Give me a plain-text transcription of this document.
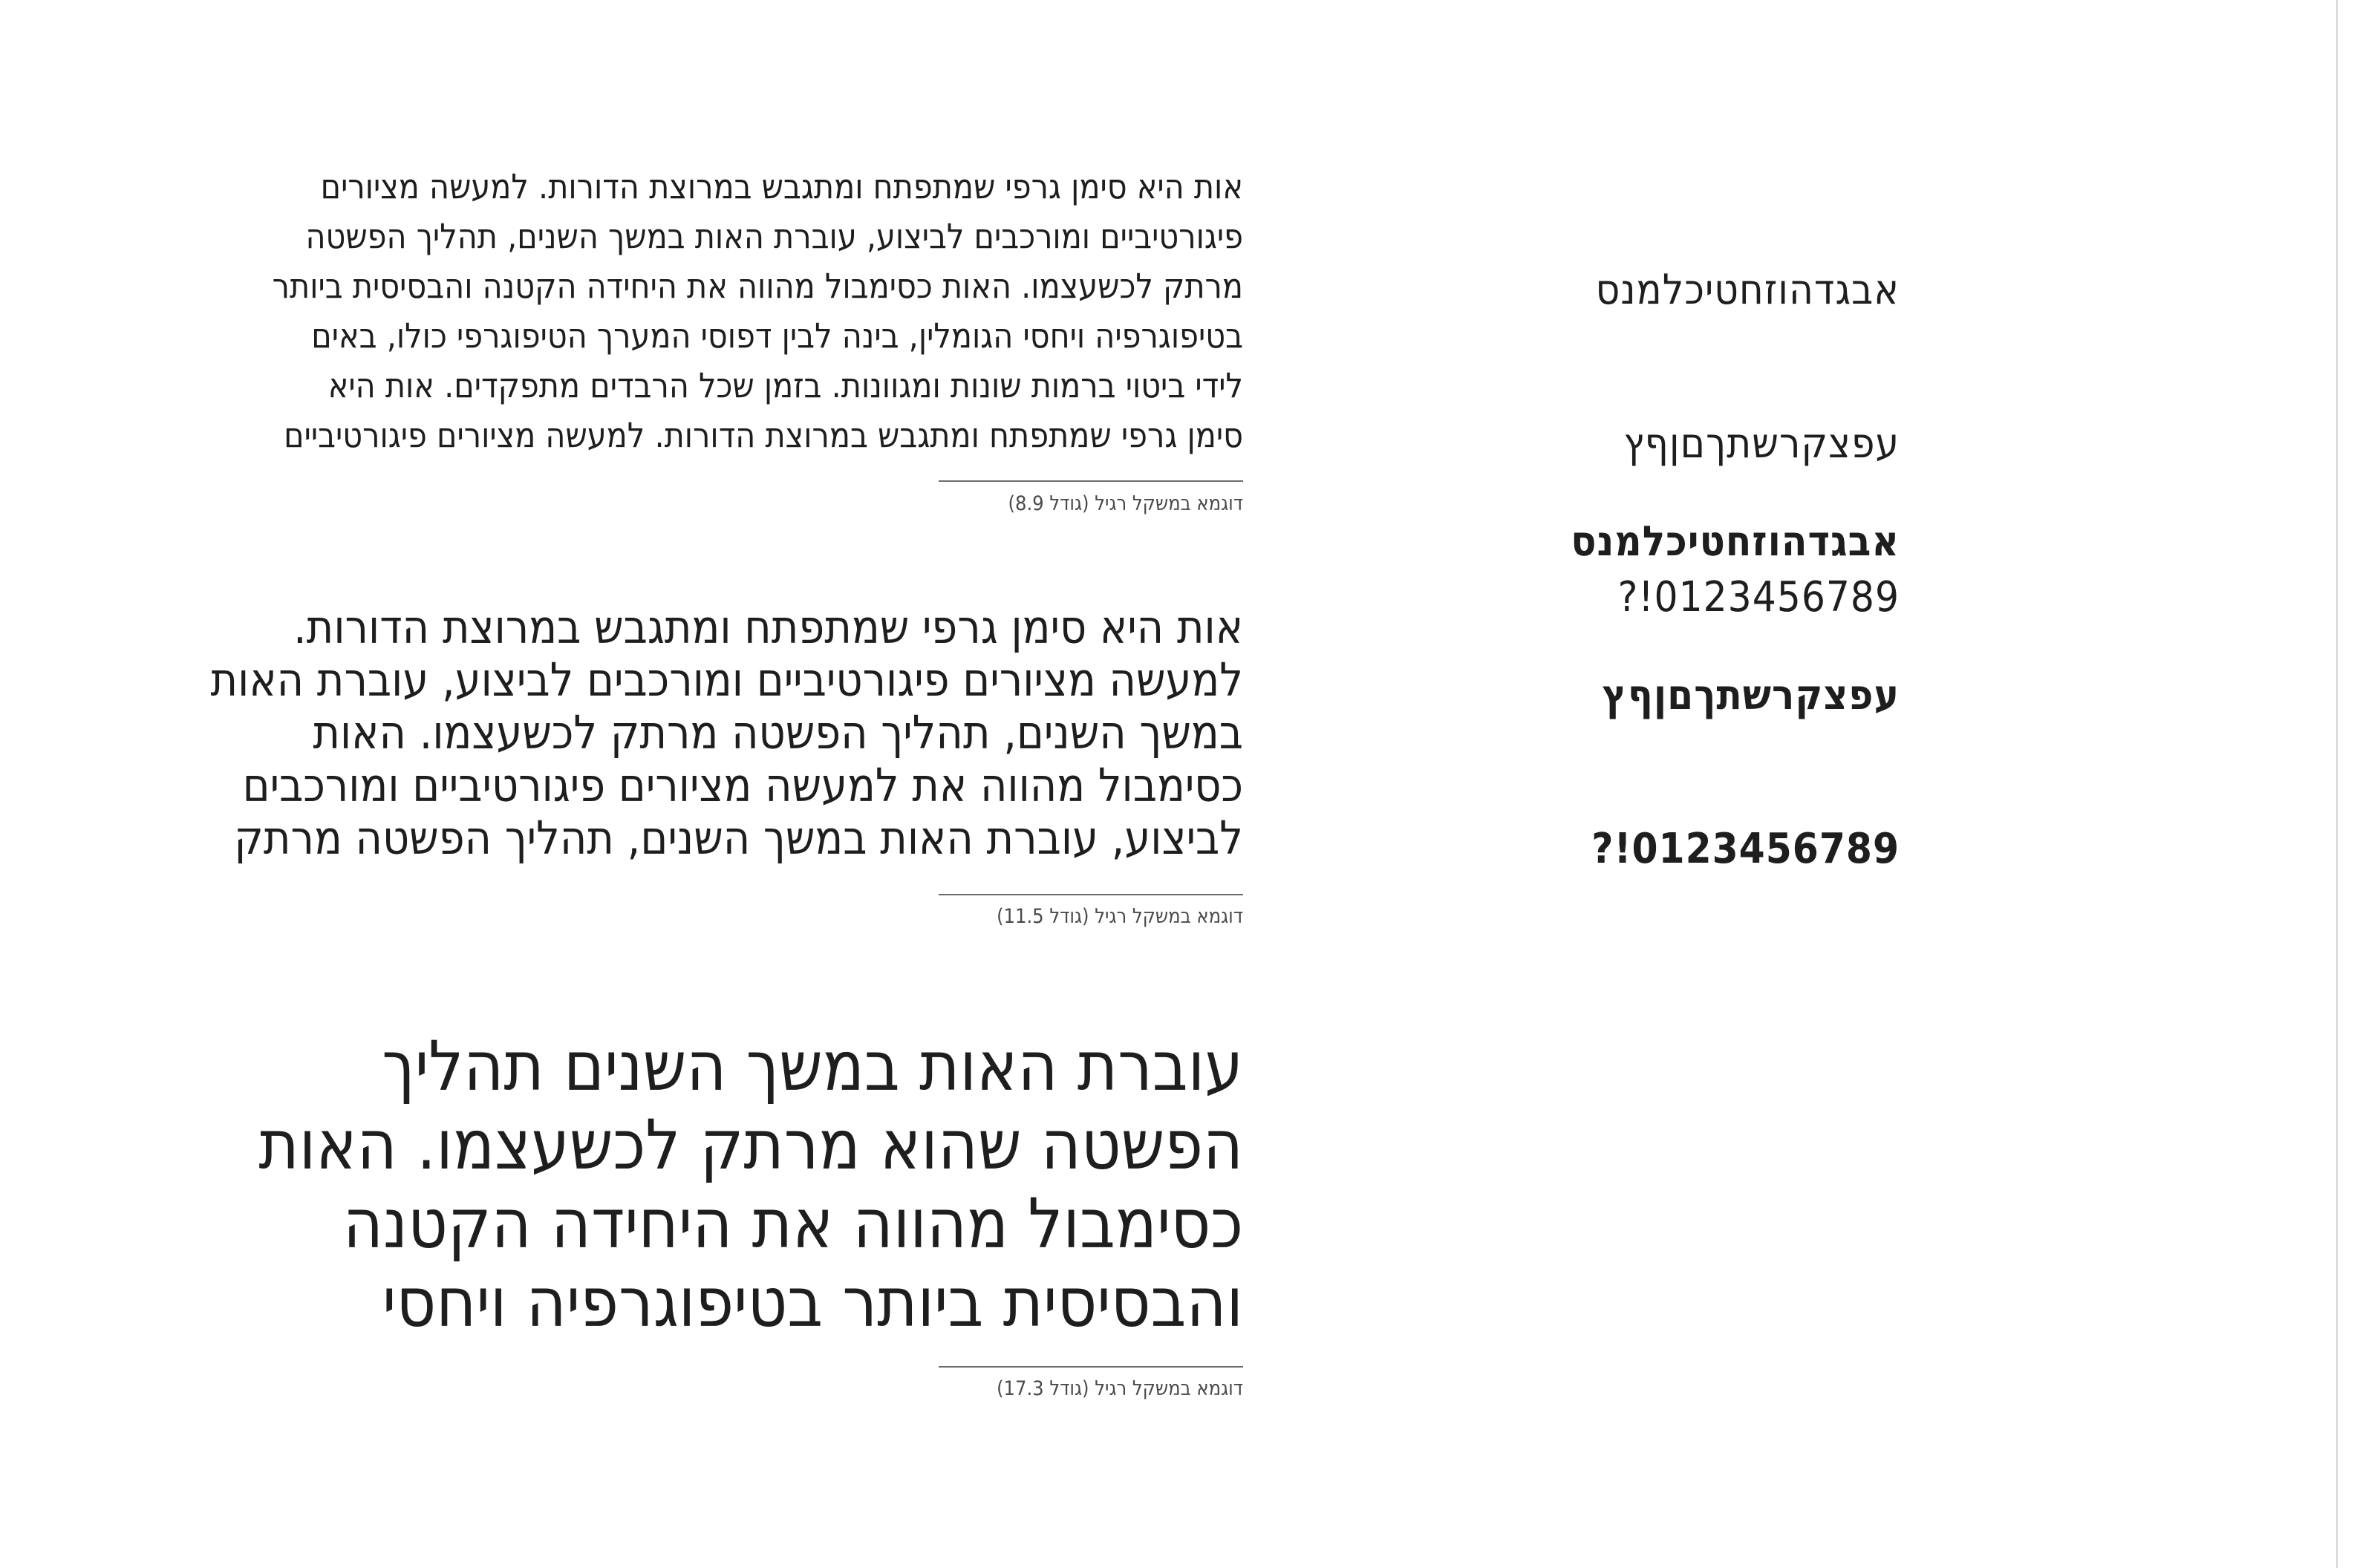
אבגדהוזחטיכלמנס

עפצקרשתךםןףץ

0123456789!?

אבגדהוזחטיכלמנס

עפצקרשתךםןףץ

0123456789!?

אות היא סימן גרפי שמתפתח ומתגבש במרוצת הדורות. למעשה מציורים
פיגורטיביים ומורכבים לביצוע, עוברת האות במשך השנים, תהליך הפשטה
מרתק לכשעצמו. האות כסימבול מהווה את היחידה הקטנה והבסיסית ביותר
בטיפוגרפיה ויחסי הגומלין, בינה לבין דפוסי המערך הטיפוגרפי כולו, באים
לידי ביטוי ברמות שונות ומגוונות. בזמן שכל הרבדים מתפקדים. אות היא
סימן גרפי שמתפתח ומתגבש במרוצת הדורות. למעשה מציורים פיגורטיביים
דוגמא במשקל רגיל (גודל 8.9)
אות היא סימן גרפי שמתפתח ומתגבש במרוצת הדורות.
למעשה מציורים פיגורטיביים ומורכבים לביצוע, עוברת האות
במשך השנים, תהליך הפשטה מרתק לכשעצמו. האות
כסימבול מהווה את למעשה מציורים פיגורטיביים ומורכבים
לביצוע, עוברת האות במשך השנים, תהליך הפשטה מרתק
דוגמא במשקל רגיל (גודל 11.5)
עוברת האות במשך השנים תהליך
הפשטה שהוא מרתק לכשעצמו. האות
כסימבול מהווה את היחידה הקטנה
והבסיסית ביותר בטיפוגרפיה ויחסי
דוגמא במשקל רגיל (גודל 17.3)
